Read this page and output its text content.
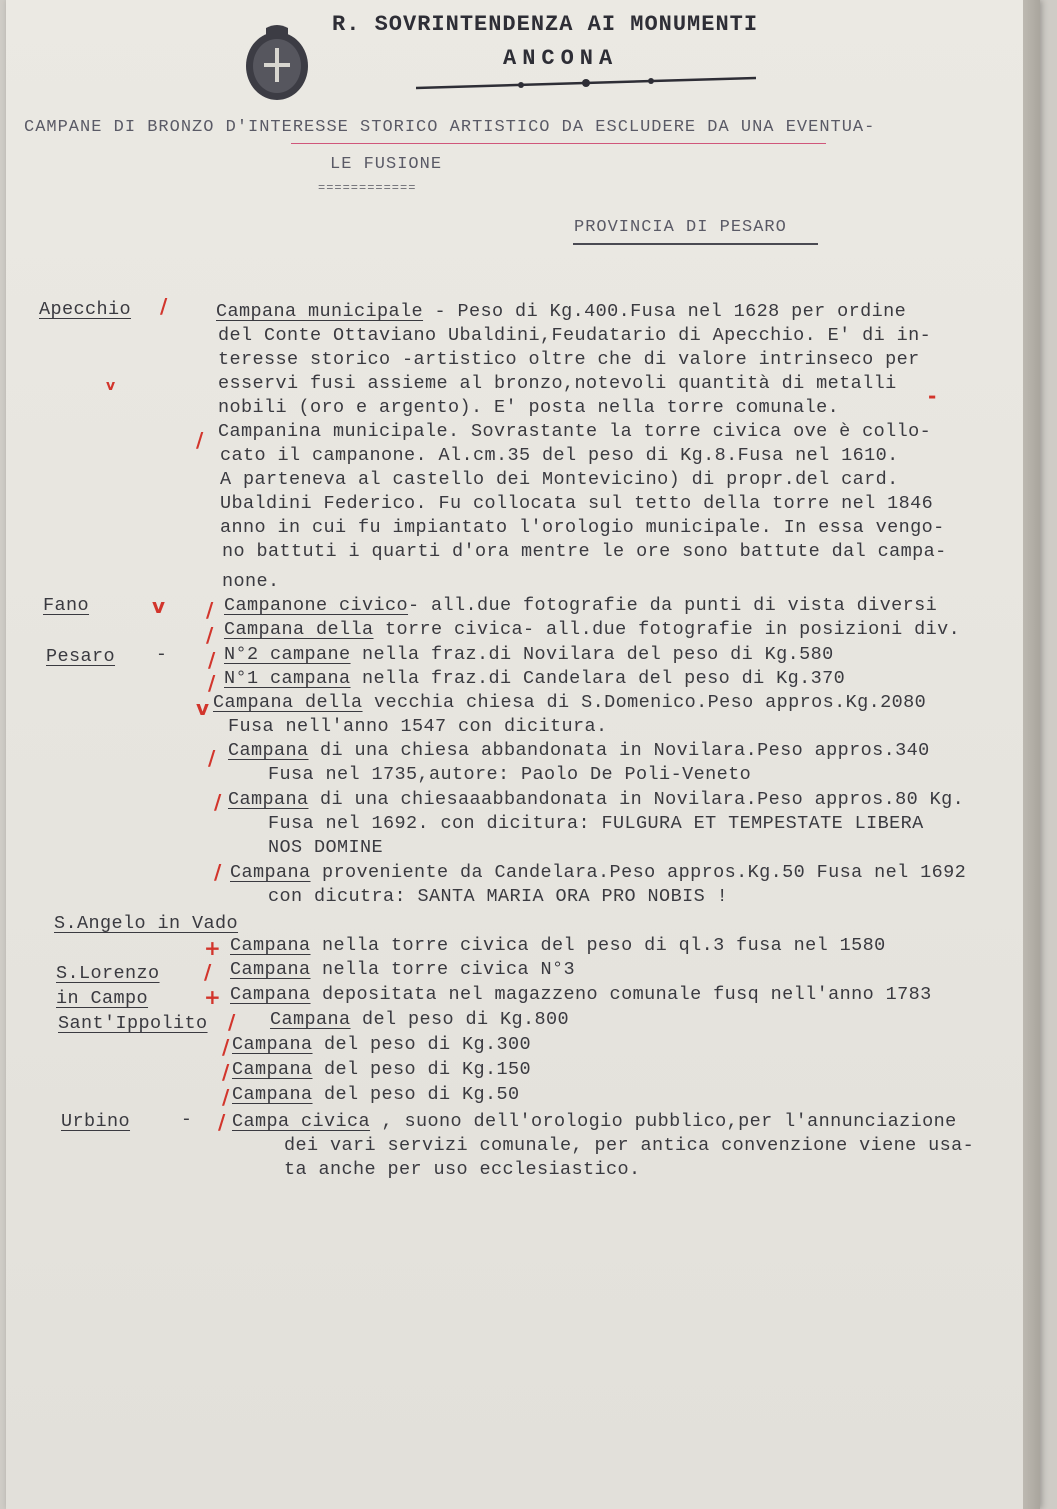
R. SOVRINTENDENZA AI MONUMENTI
ANCONA
CAMPANE DI BRONZO D'INTERESSE STORICO ARTISTICO DA ESCLUDERE DA UNA EVENTUA-
LE FUSIONE
============
PROVINCIA DI PESARO
Apecchio
Fano
Pesaro -
S.Angelo in Vado
S.Lorenzo
in Campo
Sant'Ippolito
Urbino	-
/
v	-
/
v /
/
/
/
v
/
/
/
+
/
+
/
/
/
/
/
Campana municipale - Peso di Kg.400.Fusa nel 1628 per ordine
del Conte Ottaviano Ubaldini,Feudatario di Apecchio. E' di in-
teresse storico -artistico oltre che di valore intrinseco per
esservi fusi assieme al bronzo,notevoli quantità di metalli
nobili (oro e argento). E' posta nella torre comunale.
Campanina municipale. Sovrastante la torre civica ove è collo-
cato il campanone. Al.cm.35 del peso di Kg.8.Fusa nel 1610.
A parteneva al castello dei Montevicino) di propr.del card.
Ubaldini Federico. Fu collocata sul tetto della torre nel 1846
anno in cui fu impiantato l'orologio municipale. In essa vengo-
no battuti i quarti d'ora mentre le ore sono battute dal campa-
none.
Campanone civico- all.due fotografie da punti di vista diversi
Campana della torre civica- all.due fotografie in posizioni div.
N°2 campane nella fraz.di Novilara del peso di Kg.580
N°1 campana nella fraz.di Candelara del peso di Kg.370
Campana della vecchia chiesa di S.Domenico.Peso appros.Kg.2080
Fusa nell'anno 1547 con dicitura.
Campana di una chiesa abbandonata in Novilara.Peso appros.340
Fusa nel 1735,autore: Paolo De Poli-Veneto
Campana di una chiesaaabbandonata in Novilara.Peso appros.80 Kg.
Fusa nel 1692. con dicitura: FULGURA ET TEMPESTATE LIBERA
NOS DOMINE
Campana proveniente da Candelara.Peso appros.Kg.50 Fusa nel 1692
con dicutra: SANTA MARIA ORA PRO NOBIS !
Campana nella torre civica del peso di ql.3 fusa nel 1580
Campana nella torre civica N°3
Campana depositata nel magazzeno comunale fusq nell'anno 1783
Campana del peso di Kg.800
Campana del peso di Kg.300
Campana del peso di Kg.150
Campana del peso di Kg.50
Campa civica , suono dell'orologio pubblico,per l'annunciazione
dei vari servizi comunale, per antica convenzione viene usa-
ta anche per uso ecclesiastico.
